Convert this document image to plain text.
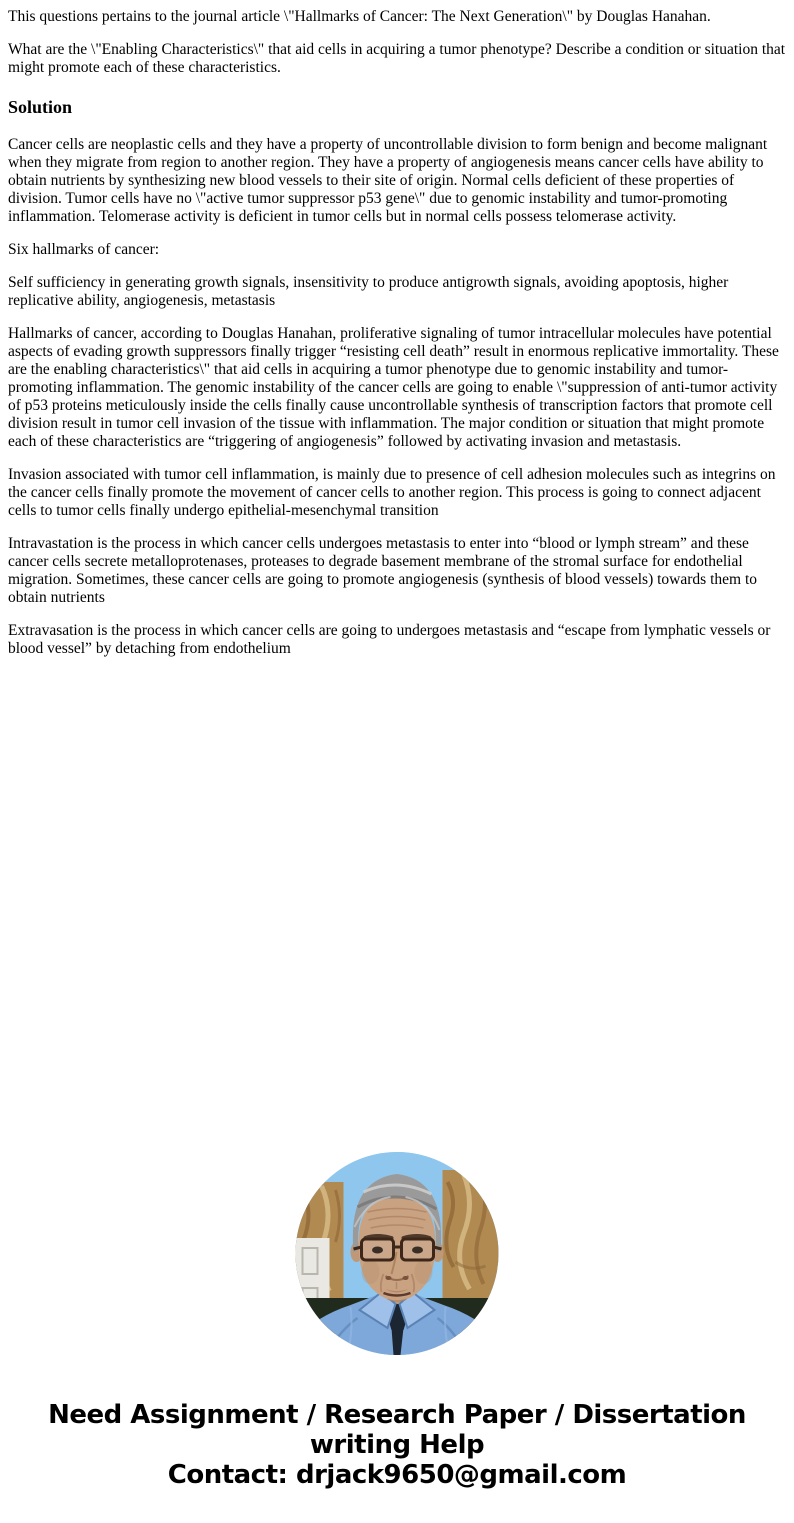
This questions pertains to the journal article \"Hallmarks of Cancer: The Next Generation\" by Douglas Hanahan.

What are the \"Enabling Characteristics\" that aid cells in acquiring a tumor phenotype? Describe a condition or situation that might promote each of these characteristics.

Solution

Cancer cells are neoplastic cells and they have a property of uncontrollable division to form benign and become malignant when they migrate from region to another region. They have a property of angiogenesis means cancer cells have ability to obtain nutrients by synthesizing new blood vessels to their site of origin. Normal cells deficient of these properties of division. Tumor cells have no \"active tumor suppressor p53 gene\" due to genomic instability and tumor-promoting inflammation. Telomerase activity is deficient in tumor cells but in normal cells possess telomerase activity.

Six hallmarks of cancer:

Self sufficiency in generating growth signals, insensitivity to produce antigrowth signals, avoiding apoptosis, higher replicative ability, angiogenesis, metastasis

Hallmarks of cancer, according to Douglas Hanahan, proliferative signaling of tumor intracellular molecules have potential aspects of evading growth suppressors finally trigger “resisting cell death” result in enormous replicative immortality. These are the enabling characteristics\" that aid cells in acquiring a tumor phenotype due to genomic instability and tumor-promoting inflammation. The genomic instability of the cancer cells are going to enable \"suppression of anti-tumor activity of p53 proteins meticulously inside the cells finally cause uncontrollable synthesis of transcription factors that promote cell division result in tumor cell invasion of the tissue with inflammation. The major condition or situation that might promote each of these characteristics are “triggering of angiogenesis” followed by activating invasion and metastasis.

Invasion associated with tumor cell inflammation, is mainly due to presence of cell adhesion molecules such as integrins on the cancer cells finally promote the movement of cancer cells to another region. This process is going to connect adjacent cells to tumor cells finally undergo epithelial-mesenchymal transition

Intravastation is the process in which cancer cells undergoes metastasis to enter into “blood or lymph stream” and these cancer cells secrete metalloprotenases, proteases to degrade basement membrane of the stromal surface for endothelial migration. Sometimes, these cancer cells are going to promote angiogenesis (synthesis of blood vessels) towards them to obtain nutrients

Extravasation is the process in which cancer cells are going to undergoes metastasis and “escape from lymphatic vessels or blood vessel” by detaching from endothelium

Need Assignment / Research Paper / Dissertation
writing Help
Contact: drjack9650@gmail.com
